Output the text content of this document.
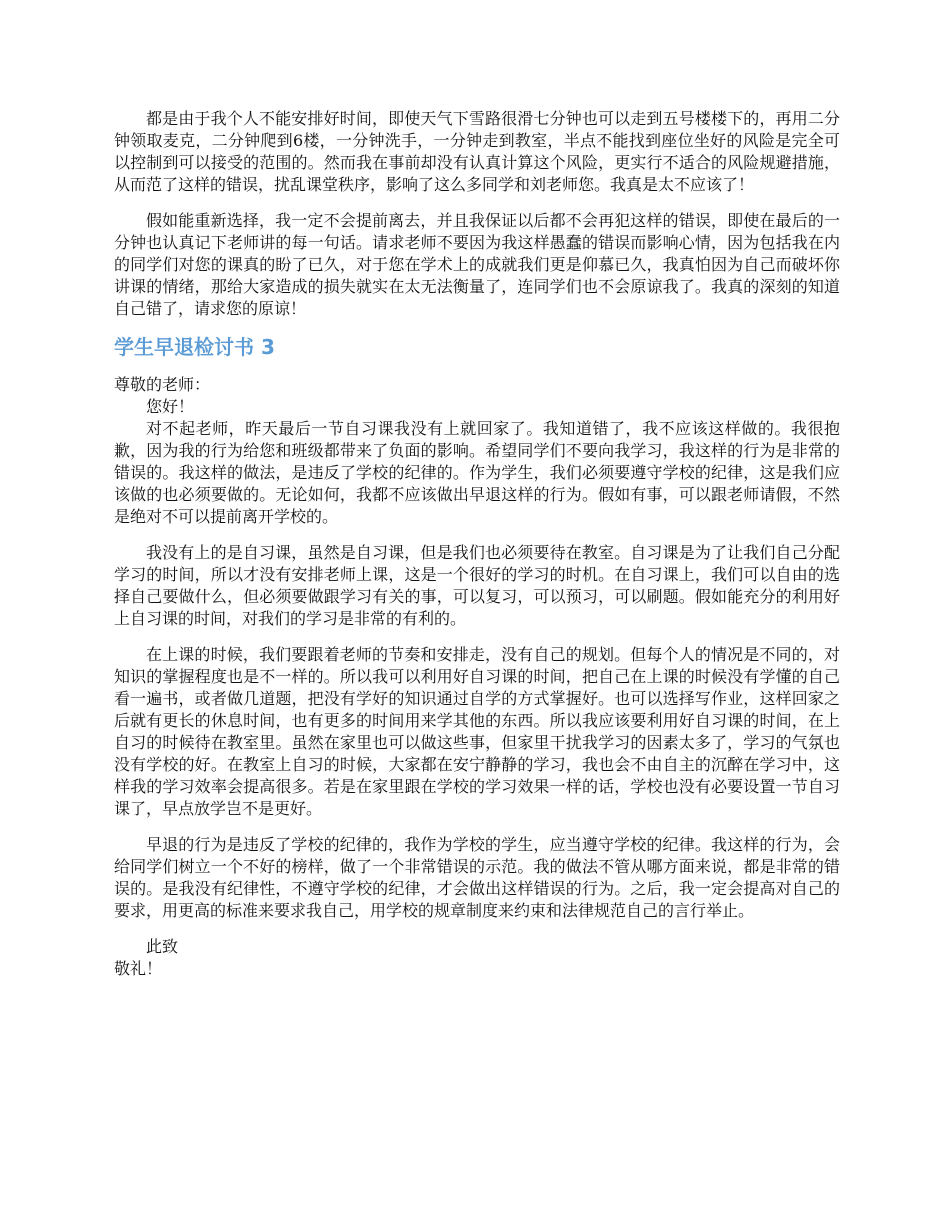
都是由于我个人不能安排好时间，即使天气下雪路很滑七分钟也可以走到五号楼楼下的，再用二分钟领取麦克，二分钟爬到6楼，一分钟洗手，一分钟走到教室，半点不能找到座位坐好的风险是完全可以控制到可以接受的范围的。然而我在事前却没有认真计算这个风险，更实行不适合的风险规避措施，从而范了这样的错误，扰乱课堂秩序，影响了这么多同学和刘老师您。我真是太不应该了！

假如能重新选择，我一定不会提前离去，并且我保证以后都不会再犯这样的错误，即使在最后的一分钟也认真记下老师讲的每一句话。请求老师不要因为我这样愚蠢的错误而影响心情，因为包括我在内的同学们对您的课真的盼了已久，对于您在学术上的成就我们更是仰慕已久，我真怕因为自己而破坏你讲课的情绪，那给大家造成的损失就实在太无法衡量了，连同学们也不会原谅我了。我真的深刻的知道自己错了，请求您的原谅！

学生早退检讨书 3

尊敬的老师：

您好！

对不起老师，昨天最后一节自习课我没有上就回家了。我知道错了，我不应该这样做的。我很抱歉，因为我的行为给您和班级都带来了负面的影响。希望同学们不要向我学习，我这样的行为是非常的错误的。我这样的做法，是违反了学校的纪律的。作为学生，我们必须要遵守学校的纪律，这是我们应该做的也必须要做的。无论如何，我都不应该做出早退这样的行为。假如有事，可以跟老师请假，不然是绝对不可以提前离开学校的。

我没有上的是自习课，虽然是自习课，但是我们也必须要待在教室。自习课是为了让我们自己分配学习的时间，所以才没有安排老师上课，这是一个很好的学习的时机。在自习课上，我们可以自由的选择自己要做什么，但必须要做跟学习有关的事，可以复习，可以预习，可以刷题。假如能充分的利用好上自习课的时间，对我们的学习是非常的有利的。

在上课的时候，我们要跟着老师的节奏和安排走，没有自己的规划。但每个人的情况是不同的，对知识的掌握程度也是不一样的。所以我可以利用好自习课的时间，把自己在上课的时候没有学懂的自己看一遍书，或者做几道题，把没有学好的知识通过自学的方式掌握好。也可以选择写作业，这样回家之后就有更长的休息时间，也有更多的时间用来学其他的东西。所以我应该要利用好自习课的时间，在上自习的时候待在教室里。虽然在家里也可以做这些事，但家里干扰我学习的因素太多了，学习的气氛也没有学校的好。在教室上自习的时候，大家都在安宁静静的学习，我也会不由自主的沉醉在学习中，这样我的学习效率会提高很多。若是在家里跟在学校的学习效果一样的话，学校也没有必要设置一节自习课了，早点放学岂不是更好。

早退的行为是违反了学校的纪律的，我作为学校的学生，应当遵守学校的纪律。我这样的行为，会给同学们树立一个不好的榜样，做了一个非常错误的示范。我的做法不管从哪方面来说，都是非常的错误的。是我没有纪律性，不遵守学校的纪律，才会做出这样错误的行为。之后，我一定会提高对自己的要求，用更高的标准来要求我自己，用学校的规章制度来约束和法律规范自己的言行举止。

此致

敬礼！
